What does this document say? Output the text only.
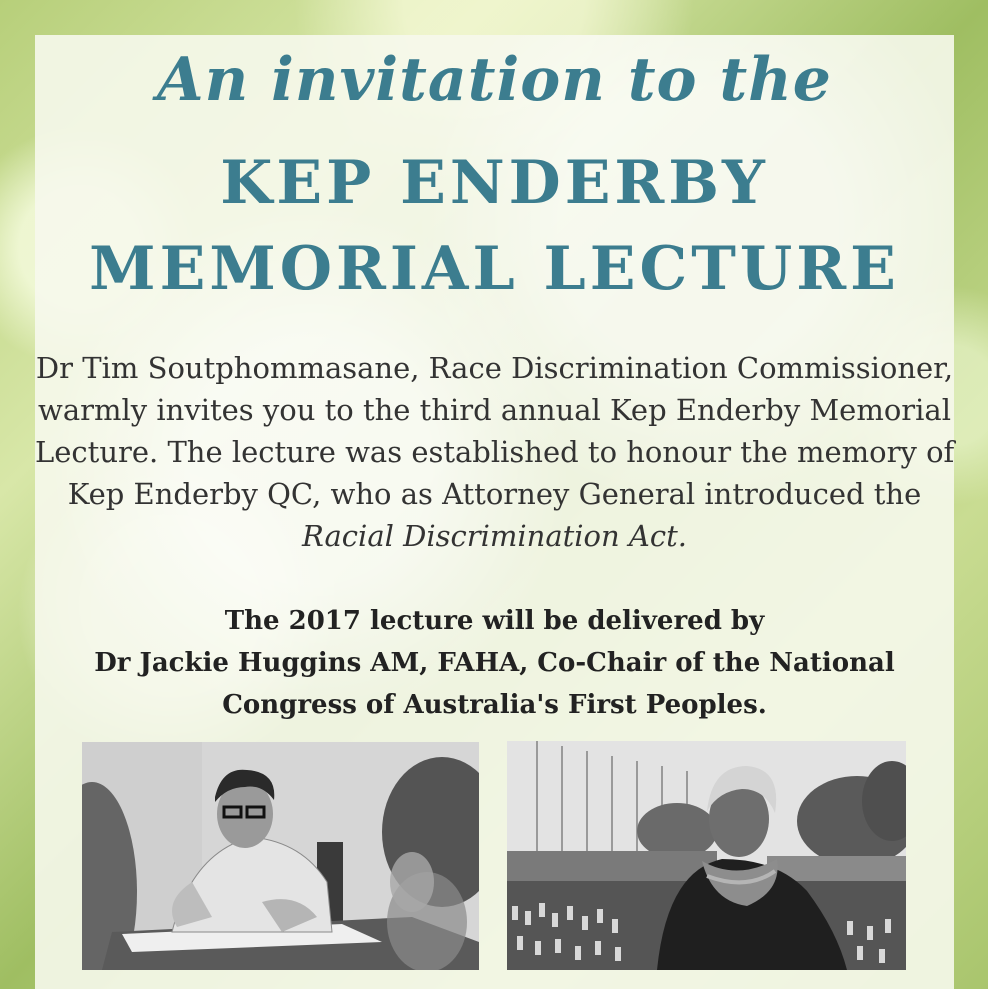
An invitation to the
KEP ENDERBY
MEMORIAL LECTURE

Dr Tim Soutphommasane, Race Discrimination Commissioner,
warmly invites you to the third annual Kep Enderby Memorial
Lecture. The lecture was established to honour the memory of
Kep Enderby QC, who as Attorney General introduced the
Racial Discrimination Act.

The 2017 lecture will be delivered by
Dr Jackie Huggins AM, FAHA, Co-Chair of the National
Congress of Australia's First Peoples.
